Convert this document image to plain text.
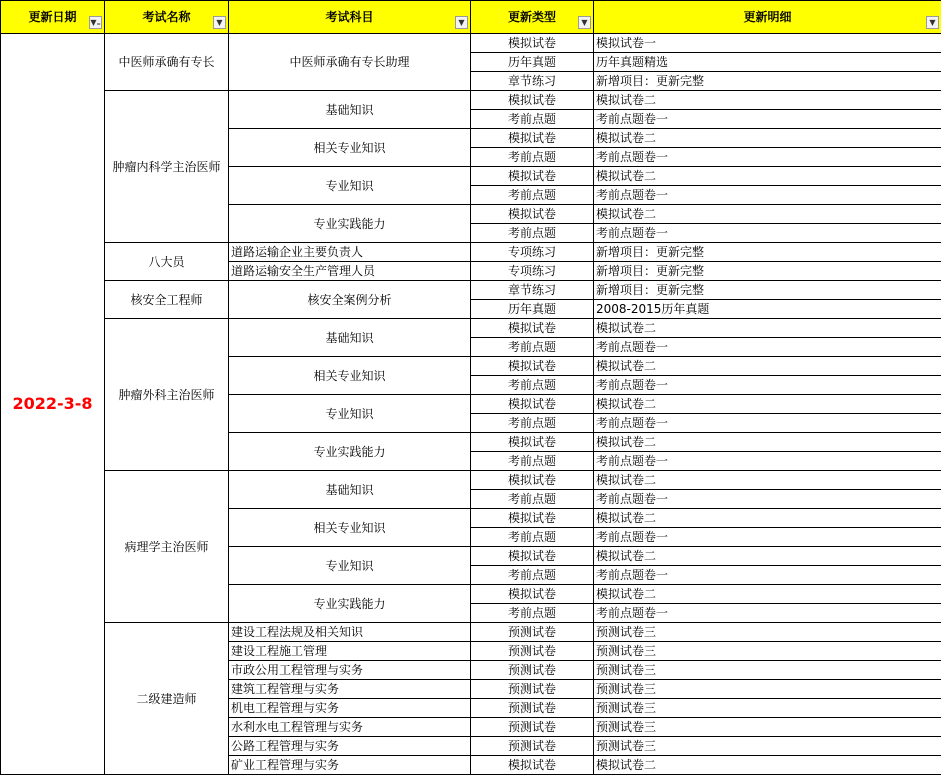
更新日期 ▼₌	考试名称 ▼	考试科目 ▼	更新类型 ▼	更新明细 ▼

2022-3-8	中医师承确有专长	中医师承确有专长助理	模拟试卷	模拟试卷一
			历年真题	历年真题精选
			章节练习	新增项目：更新完整
	肿瘤内科学主治医师	基础知识	模拟试卷	模拟试卷二
			考前点题	考前点题卷一
		相关专业知识	模拟试卷	模拟试卷二
			考前点题	考前点题卷一
		专业知识	模拟试卷	模拟试卷二
			考前点题	考前点题卷一
		专业实践能力	模拟试卷	模拟试卷二
			考前点题	考前点题卷一
	八大员	道路运输企业主要负责人	专项练习	新增项目：更新完整
		道路运输安全生产管理人员	专项练习	新增项目：更新完整
	核安全工程师	核安全案例分析	章节练习	新增项目：更新完整
			历年真题	2008-2015历年真题
	肿瘤外科主治医师	基础知识	模拟试卷	模拟试卷二
			考前点题	考前点题卷一
		相关专业知识	模拟试卷	模拟试卷二
			考前点题	考前点题卷一
		专业知识	模拟试卷	模拟试卷二
			考前点题	考前点题卷一
		专业实践能力	模拟试卷	模拟试卷二
			考前点题	考前点题卷一
	病理学主治医师	基础知识	模拟试卷	模拟试卷二
			考前点题	考前点题卷一
		相关专业知识	模拟试卷	模拟试卷二
			考前点题	考前点题卷一
		专业知识	模拟试卷	模拟试卷二
			考前点题	考前点题卷一
		专业实践能力	模拟试卷	模拟试卷二
			考前点题	考前点题卷一
	二级建造师	建设工程法规及相关知识	预测试卷	预测试卷三
		建设工程施工管理	预测试卷	预测试卷三
		市政公用工程管理与实务	预测试卷	预测试卷三
		建筑工程管理与实务	预测试卷	预测试卷三
		机电工程管理与实务	预测试卷	预测试卷三
		水利水电工程管理与实务	预测试卷	预测试卷三
		公路工程管理与实务	预测试卷	预测试卷三
		矿业工程管理与实务	模拟试卷	模拟试卷二
